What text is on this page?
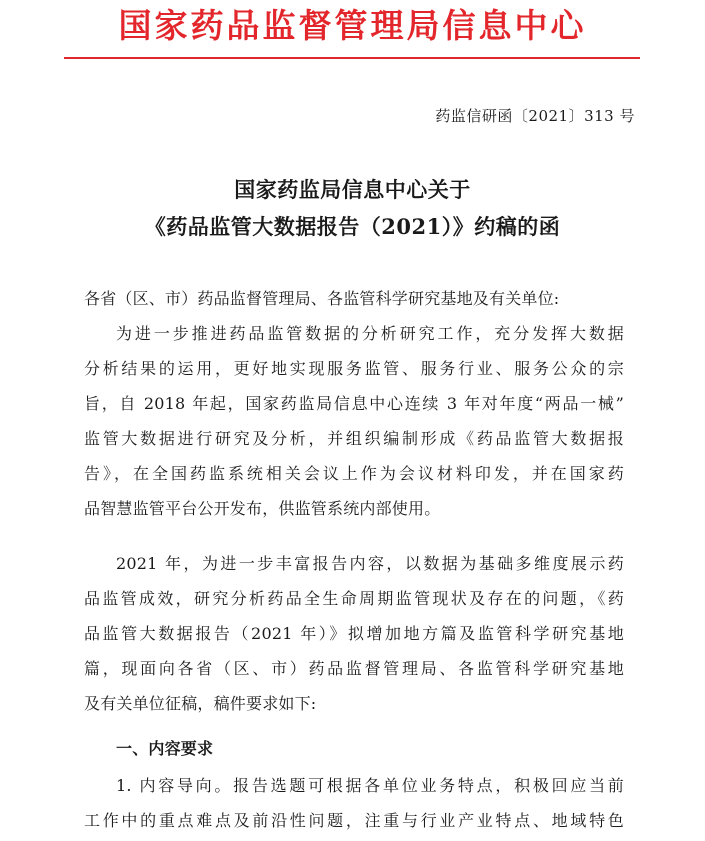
国家药品监督管理局信息中心
药监信研函〔2021〕313 号
国家药监局信息中心关于
《药品监管大数据报告（2021）》约稿的函
各省（区、市）药品监督管理局、各监管科学研究基地及有关单位:
为进一步推进药品监管数据的分析研究工作，充分发挥大数据
分析结果的运用，更好地实现服务监管、服务行业、服务公众的宗
旨，自 2018 年起，国家药监局信息中心连续 3 年对年度“两品一械”
监管大数据进行研究及分析，并组织编制形成《药品监管大数据报
告》，在全国药监系统相关会议上作为会议材料印发，并在国家药
品智慧监管平台公开发布，供监管系统内部使用。
2021 年，为进一步丰富报告内容，以数据为基础多维度展示药
品监管成效，研究分析药品全生命周期监管现状及存在的问题，《药
品监管大数据报告（2021 年）》拟增加地方篇及监管科学研究基地
篇，现面向各省（区、市）药品监督管理局、各监管科学研究基地
及有关单位征稿，稿件要求如下:
一、内容要求
1. 内容导向。报告选题可根据各单位业务特点，积极回应当前
工作中的重点难点及前沿性问题，注重与行业产业特点、地域特色
